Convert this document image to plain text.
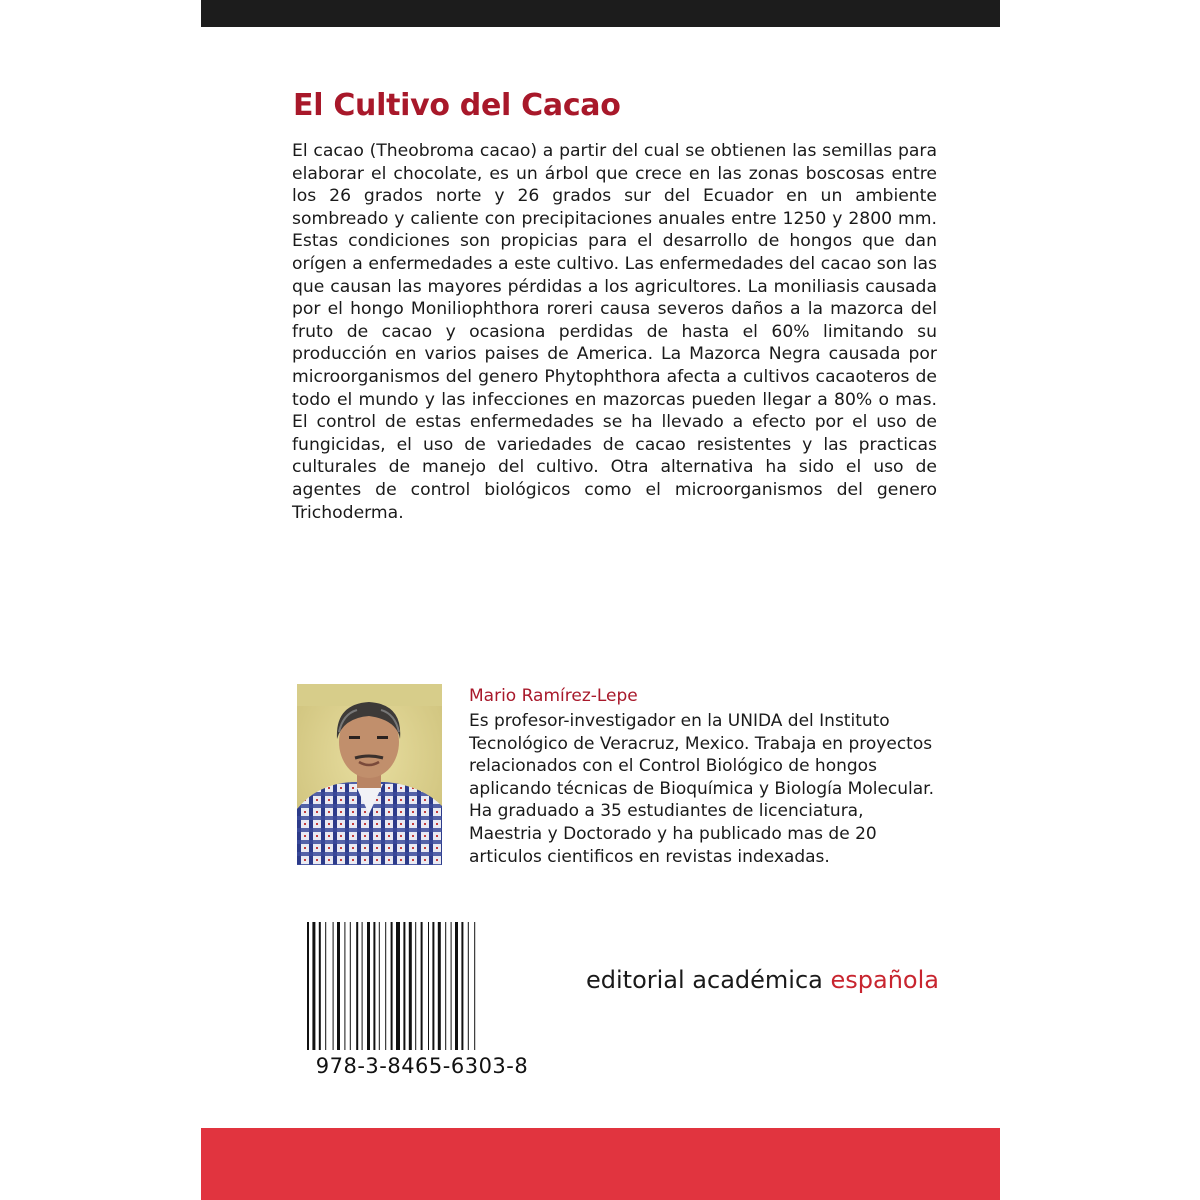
El Cultivo del Cacao

El cacao (Theobroma cacao) a partir del cual se obtienen las semillas para elaborar el chocolate, es un árbol que crece en las zonas boscosas entre los 26 grados norte y 26 grados sur del Ecuador en un ambiente sombreado y caliente con precipitaciones anuales entre 1250 y 2800 mm. Estas condiciones son propicias para el desarrollo de hongos que dan orígen a enfermedades a este cultivo. Las enfermedades del cacao son las que causan las mayores pérdidas a los agricultores. La moniliasis causada por el hongo Moniliophthora roreri causa severos daños a la mazorca del fruto de cacao y ocasiona perdidas de hasta el 60% limitando su producción en varios paises de America. La Mazorca Negra causada por microorganismos del genero Phytophthora afecta a cultivos cacaoteros de todo el mundo y las infecciones en mazorcas pueden llegar a 80% o mas. El control de estas enfermedades se ha llevado a efecto por el uso de fungicidas, el uso de variedades de cacao resistentes y las practicas culturales de manejo del cultivo. Otra alternativa ha sido el uso de agentes de control biológicos como el microorganismos del genero Trichoderma.

Mario Ramírez-Lepe

Es profesor-investigador en la UNIDA del Instituto Tecnológico de Veracruz, Mexico. Trabaja en proyectos relacionados con el Control Biológico de hongos aplicando técnicas de Bioquímica y Biología Molecular. Ha graduado a 35 estudiantes de licenciatura, Maestria y Doctorado y ha publicado mas de 20 articulos cientificos en revistas indexadas.

978-3-8465-6303-8
editorial académica española
